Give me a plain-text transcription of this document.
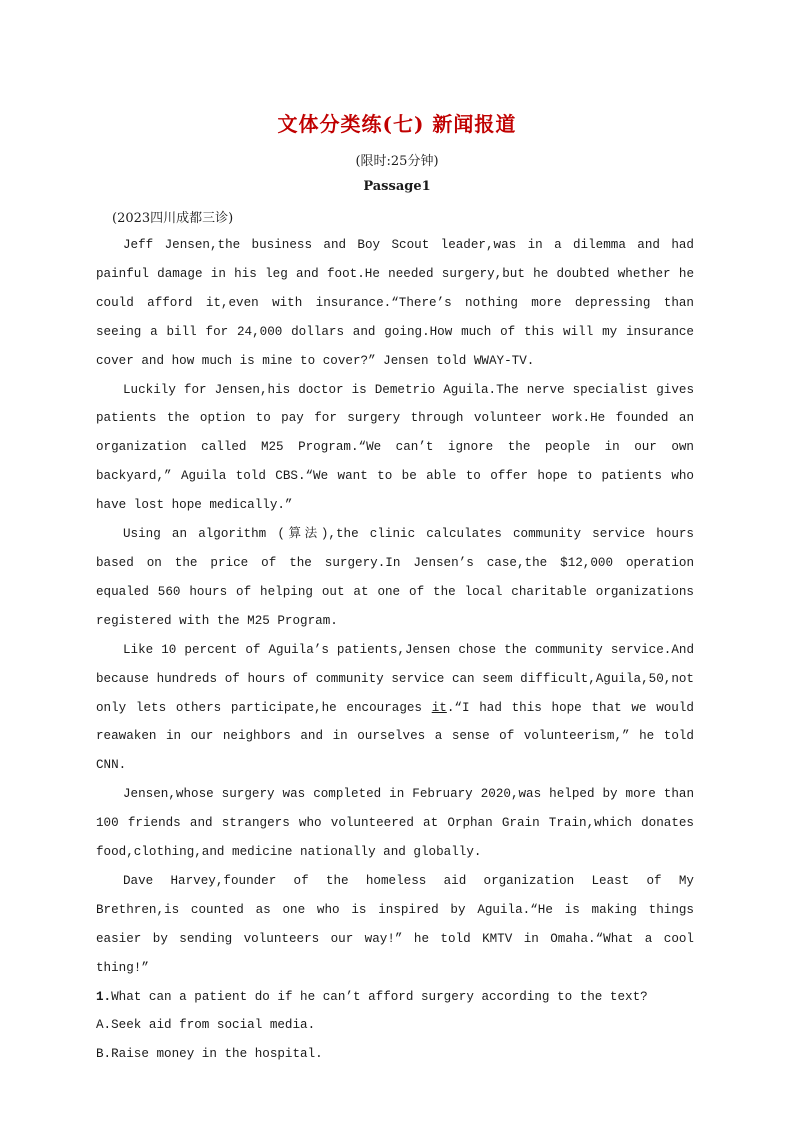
文体分类练(七) 新闻报道
(限时:25分钟)
Passage1
(2023四川成都三诊)

Jeff Jensen,the business and Boy Scout leader,was in a dilemma and had painful damage in his leg and foot.He needed surgery,but he doubted whether he could afford it,even with insurance.“There’s nothing more depressing than seeing a bill for 24,000 dollars and going.How much of this will my insurance cover and how much is mine to cover?” Jensen told WWAY-TV.

Luckily for Jensen,his doctor is Demetrio Aguila.The nerve specialist gives patients the option to pay for surgery through volunteer work.He founded an organization called M25 Program.“We can’t ignore the people in our own backyard,” Aguila told CBS.“We want to be able to offer hope to patients who have lost hope medically.”

Using an algorithm (算法),the clinic calculates community service hours based on the price of the surgery.In Jensen’s case,the $12,000 operation equaled 560 hours of helping out at one of the local charitable organizations registered with the M25 Program.

Like 10 percent of Aguila’s patients,Jensen chose the community service.And because hundreds of hours of community service can seem difficult,Aguila,50,not only lets others participate,he encourages it.“I had this hope that we would reawaken in our neighbors and in ourselves a sense of volunteerism,” he told CNN.

Jensen,whose surgery was completed in February 2020,was helped by more than 100 friends and strangers who volunteered at Orphan Grain Train,which donates food,clothing,and medicine nationally and globally.

Dave Harvey,founder of the homeless aid organization Least of My Brethren,is counted as one who is inspired by Aguila.“He is making things easier by sending volunteers our way!” he told KMTV in Omaha.“What a cool thing!”

1.What can a patient do if he can’t afford surgery according to the text?

A.Seek aid from social media.

B.Raise money in the hospital.
